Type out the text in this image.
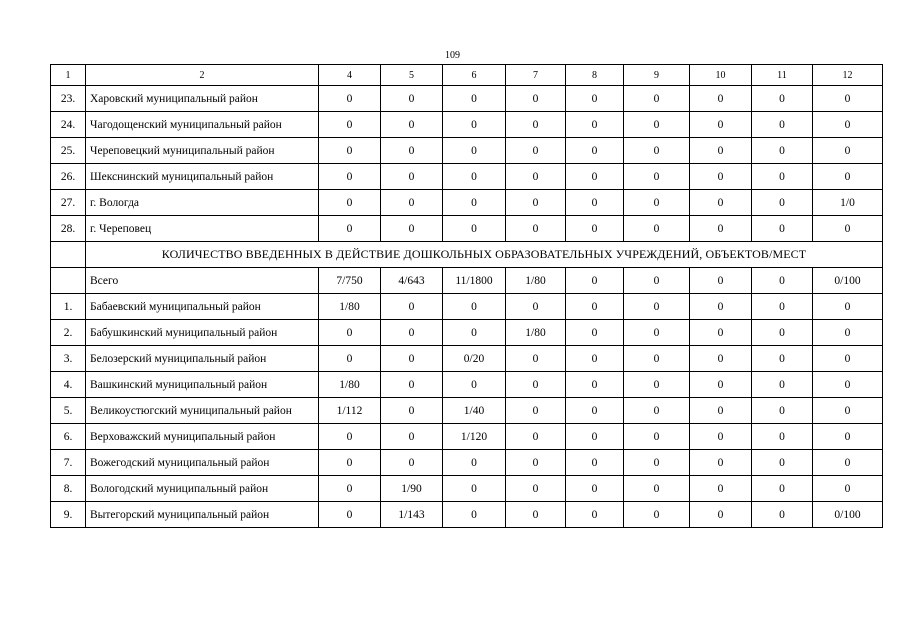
109
1	2	4	5	6	7	8	9	10	11	12
23.	Харовский муниципальный район	0	0	0	0	0	0	0	0	0
24.	Чагодощенский муниципальный район	0	0	0	0	0	0	0	0	0
25.	Череповецкий муниципальный район	0	0	0	0	0	0	0	0	0
26.	Шекснинский муниципальный район	0	0	0	0	0	0	0	0	0
27.	г. Вологда	0	0	0	0	0	0	0	0	1/0
28.	г. Череповец	0	0	0	0	0	0	0	0	0
	КОЛИЧЕСТВО ВВЕДЕННЫХ В ДЕЙСТВИЕ ДОШКОЛЬНЫХ ОБРАЗОВАТЕЛЬНЫХ УЧРЕЖДЕНИЙ, ОБЪЕКТОВ/МЕСТ									
	Всего	7/750	4/643	11/1800	1/80	0	0	0	0	0/100
1.	Бабаевский муниципальный район	1/80	0	0	0	0	0	0	0	0
2.	Бабушкинский муниципальный район	0	0	0	1/80	0	0	0	0	0
3.	Белозерский муниципальный район	0	0	0/20	0	0	0	0	0	0
4.	Вашкинский муниципальный район	1/80	0	0	0	0	0	0	0	0
5.	Великоустюгский муниципальный район	1/112	0	1/40	0	0	0	0	0	0
6.	Верховажский муниципальный район	0	0	1/120	0	0	0	0	0	0
7.	Вожегодский муниципальный район	0	0	0	0	0	0	0	0	0
8.	Вологодский муниципальный район	0	1/90	0	0	0	0	0	0	0
9.	Вытегорский муниципальный район	0	1/143	0	0	0	0	0	0	0/100
